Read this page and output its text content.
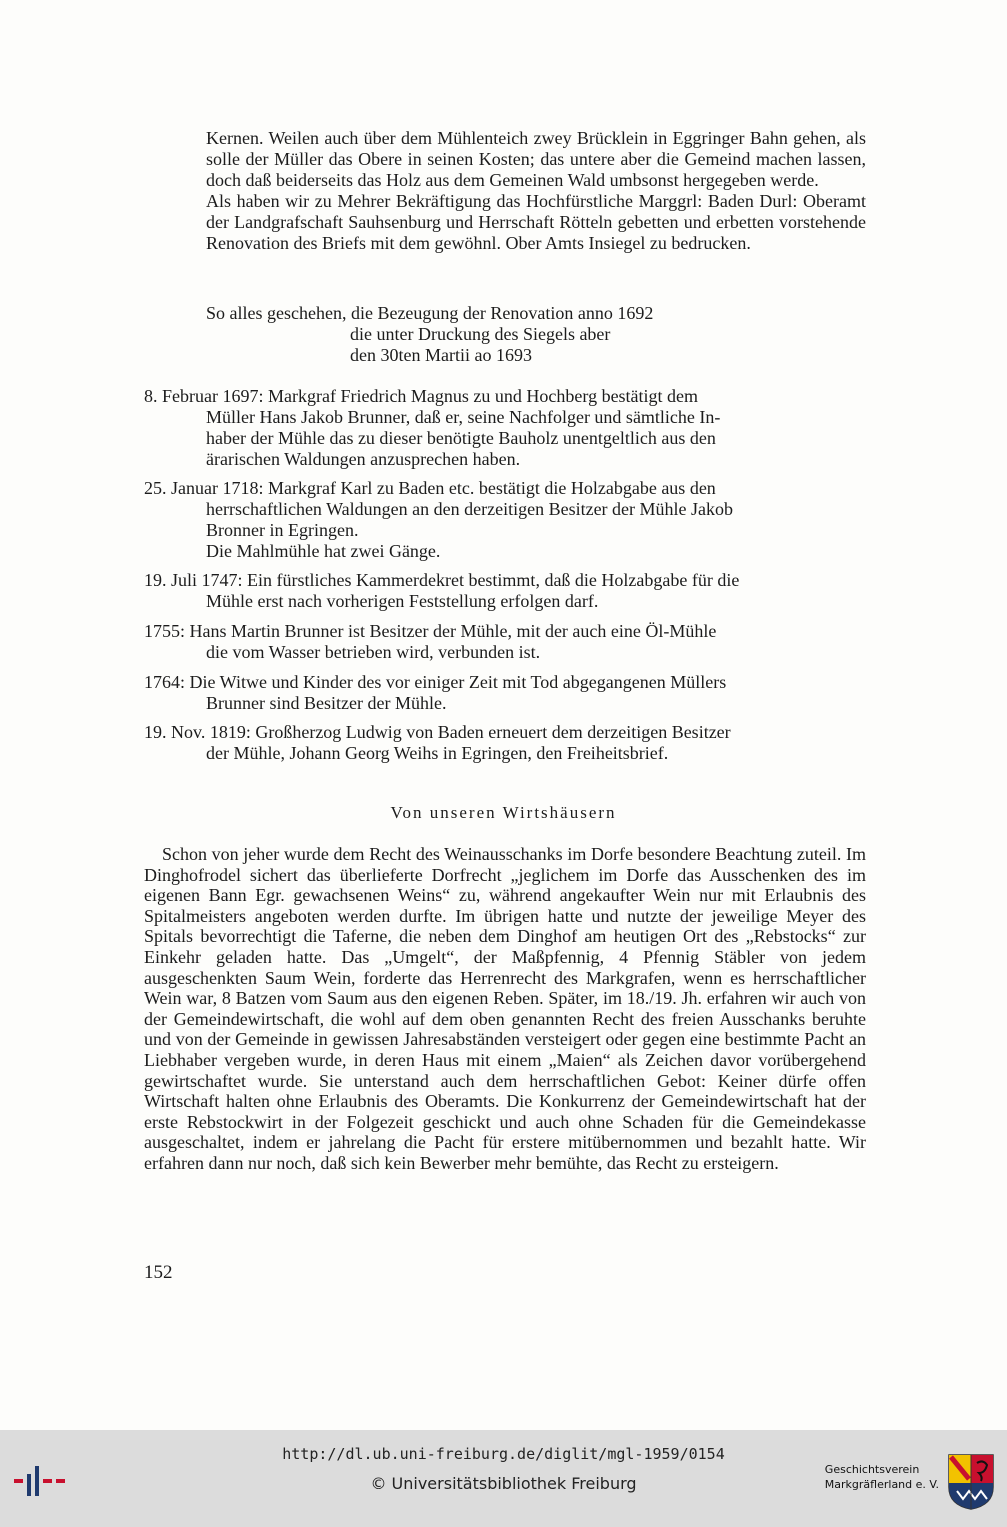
Kernen. Weilen auch über dem Mühlenteich zwey Brücklein in Eggringer Bahn gehen, als solle der Müller das Obere in seinen Kosten; das untere aber die Gemeind machen lassen, doch daß beiderseits das Holz aus dem Gemeinen Wald umbsonst hergegeben werde.

Als haben wir zu Mehrer Bekräftigung das Hochfürstliche Marggrl: Baden Durl: Oberamt der Landgrafschaft Sauhsenburg und Herrschaft Rötteln gebetten und erbetten vorstehende Renovation des Briefs mit dem gewöhnl. Ober Amts Insiegel zu bedrucken.

So alles geschehen, die Bezeugung der Renovation anno 1692
die unter Druckung des Siegels aber
den 30ten Martii ao 1693
8. Februar 1697: Markgraf Friedrich Magnus zu und Hochberg bestätigt dem
Müller Hans Jakob Brunner, daß er, seine Nachfolger und sämtliche In-
haber der Mühle das zu dieser benötigte Bauholz unentgeltlich aus den
ärarischen Waldungen anzusprechen haben.
25. Januar 1718: Markgraf Karl zu Baden etc. bestätigt die Holzabgabe aus den
herrschaftlichen Waldungen an den derzeitigen Besitzer der Mühle Jakob
Bronner in Egringen.
Die Mahlmühle hat zwei Gänge.
19. Juli 1747: Ein fürstliches Kammerdekret bestimmt, daß die Holzabgabe für die
Mühle erst nach vorherigen Feststellung erfolgen darf.
1755: Hans Martin Brunner ist Besitzer der Mühle, mit der auch eine Öl-Mühle
die vom Wasser betrieben wird, verbunden ist.
1764: Die Witwe und Kinder des vor einiger Zeit mit Tod abgegangenen Müllers
Brunner sind Besitzer der Mühle.
19. Nov. 1819: Großherzog Ludwig von Baden erneuert dem derzeitigen Besitzer
der Mühle, Johann Georg Weihs in Egringen, den Freiheitsbrief.
Von unseren Wirtshäusern
Schon von jeher wurde dem Recht des Weinausschanks im Dorfe besondere Beachtung zuteil. Im Dinghofrodel sichert das überlieferte Dorfrecht „jeglichem im Dorfe das Ausschenken des im eigenen Bann Egr. gewachsenen Weins“ zu, während angekaufter Wein nur mit Erlaubnis des Spitalmeisters angeboten werden durfte. Im übrigen hatte und nutzte der jeweilige Meyer des Spitals bevorrechtigt die Taferne, die neben dem Dinghof am heutigen Ort des „Rebstocks“ zur Einkehr geladen hatte. Das „Umgelt“, der Maßpfennig, 4 Pfennig Stäbler von jedem ausgeschenkten Saum Wein, forderte das Herrenrecht des Markgrafen, wenn es herrschaftlicher Wein war, 8 Batzen vom Saum aus den eigenen Reben. Später, im 18./19. Jh. erfahren wir auch von der Gemeindewirtschaft, die wohl auf dem oben genannten Recht des freien Ausschanks beruhte und von der Gemeinde in gewissen Jahresabständen versteigert oder gegen eine bestimmte Pacht an Liebhaber vergeben wurde, in deren Haus mit einem „Maien“ als Zeichen davor vorübergehend gewirtschaftet wurde. Sie unterstand auch dem herrschaftlichen Gebot: Keiner dürfe offen Wirtschaft halten ohne Erlaubnis des Oberamts. Die Konkurrenz der Gemeindewirtschaft hat der erste Rebstockwirt in der Folgezeit geschickt und auch ohne Schaden für die Gemeindekasse ausgeschaltet, indem er jahrelang die Pacht für erstere mitübernommen und bezahlt hatte. Wir erfahren dann nur noch, daß sich kein Bewerber mehr bemühte, das Recht zu ersteigern.
152
http://dl.ub.uni-freiburg.de/diglit/mgl-1959/0154
© Universitätsbibliothek Freiburg
Geschichtsverein
Markgräflerland e. V.
